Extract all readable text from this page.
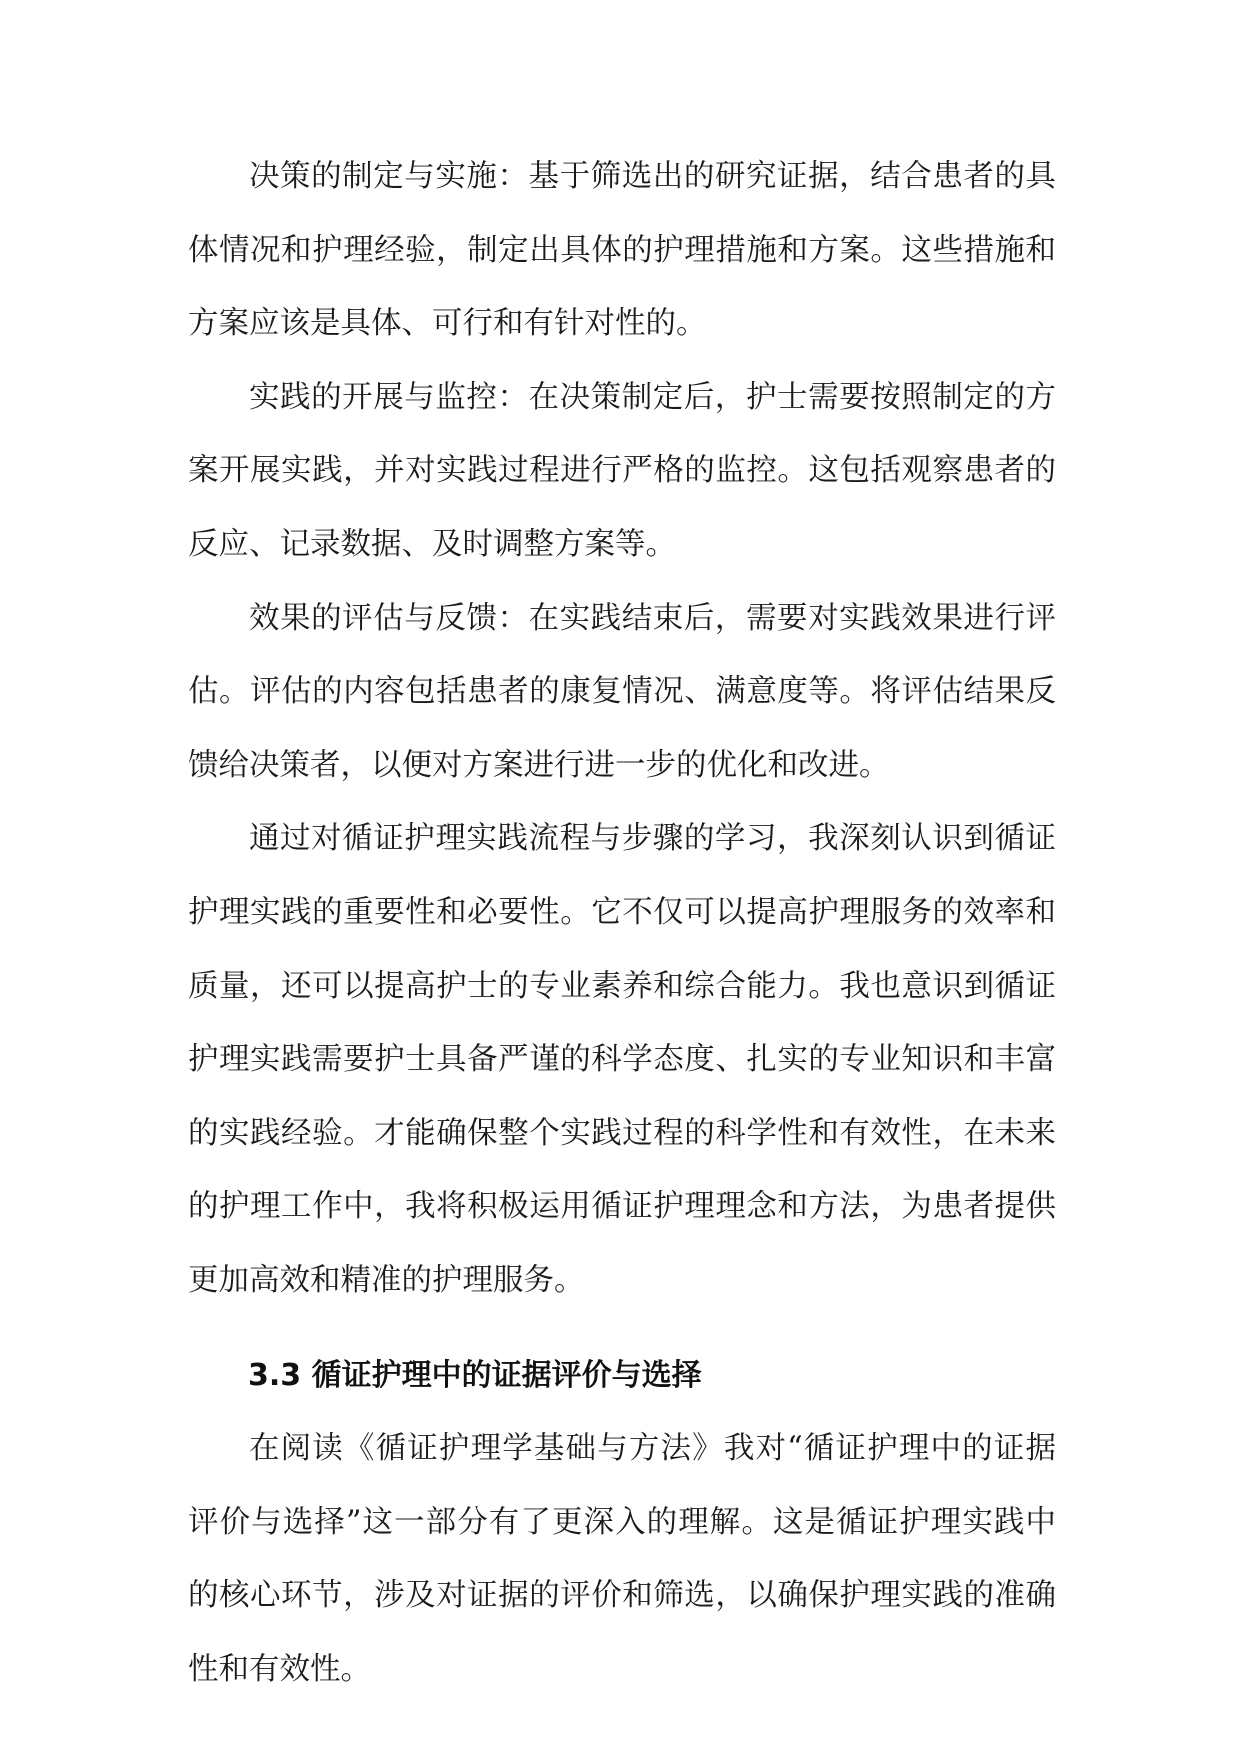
决策的制定与实施：基于筛选出的研究证据，结合患者的具体情况和护理经验，制定出具体的护理措施和方案。这些措施和方案应该是具体、可行和有针对性的。

实践的开展与监控：在决策制定后，护士需要按照制定的方案开展实践，并对实践过程进行严格的监控。这包括观察患者的反应、记录数据、及时调整方案等。

效果的评估与反馈：在实践结束后，需要对实践效果进行评估。评估的内容包括患者的康复情况、满意度等。将评估结果反馈给决策者，以便对方案进行进一步的优化和改进。

通过对循证护理实践流程与步骤的学习，我深刻认识到循证护理实践的重要性和必要性。它不仅可以提高护理服务的效率和质量，还可以提高护士的专业素养和综合能力。我也意识到循证护理实践需要护士具备严谨的科学态度、扎实的专业知识和丰富的实践经验。才能确保整个实践过程的科学性和有效性，在未来的护理工作中，我将积极运用循证护理理念和方法，为患者提供更加高效和精准的护理服务。

3.3 循证护理中的证据评价与选择

在阅读《循证护理学基础与方法》我对“循证护理中的证据评价与选择”这一部分有了更深入的理解。这是循证护理实践中的核心环节，涉及对证据的评价和筛选，以确保护理实践的准确性和有效性。
